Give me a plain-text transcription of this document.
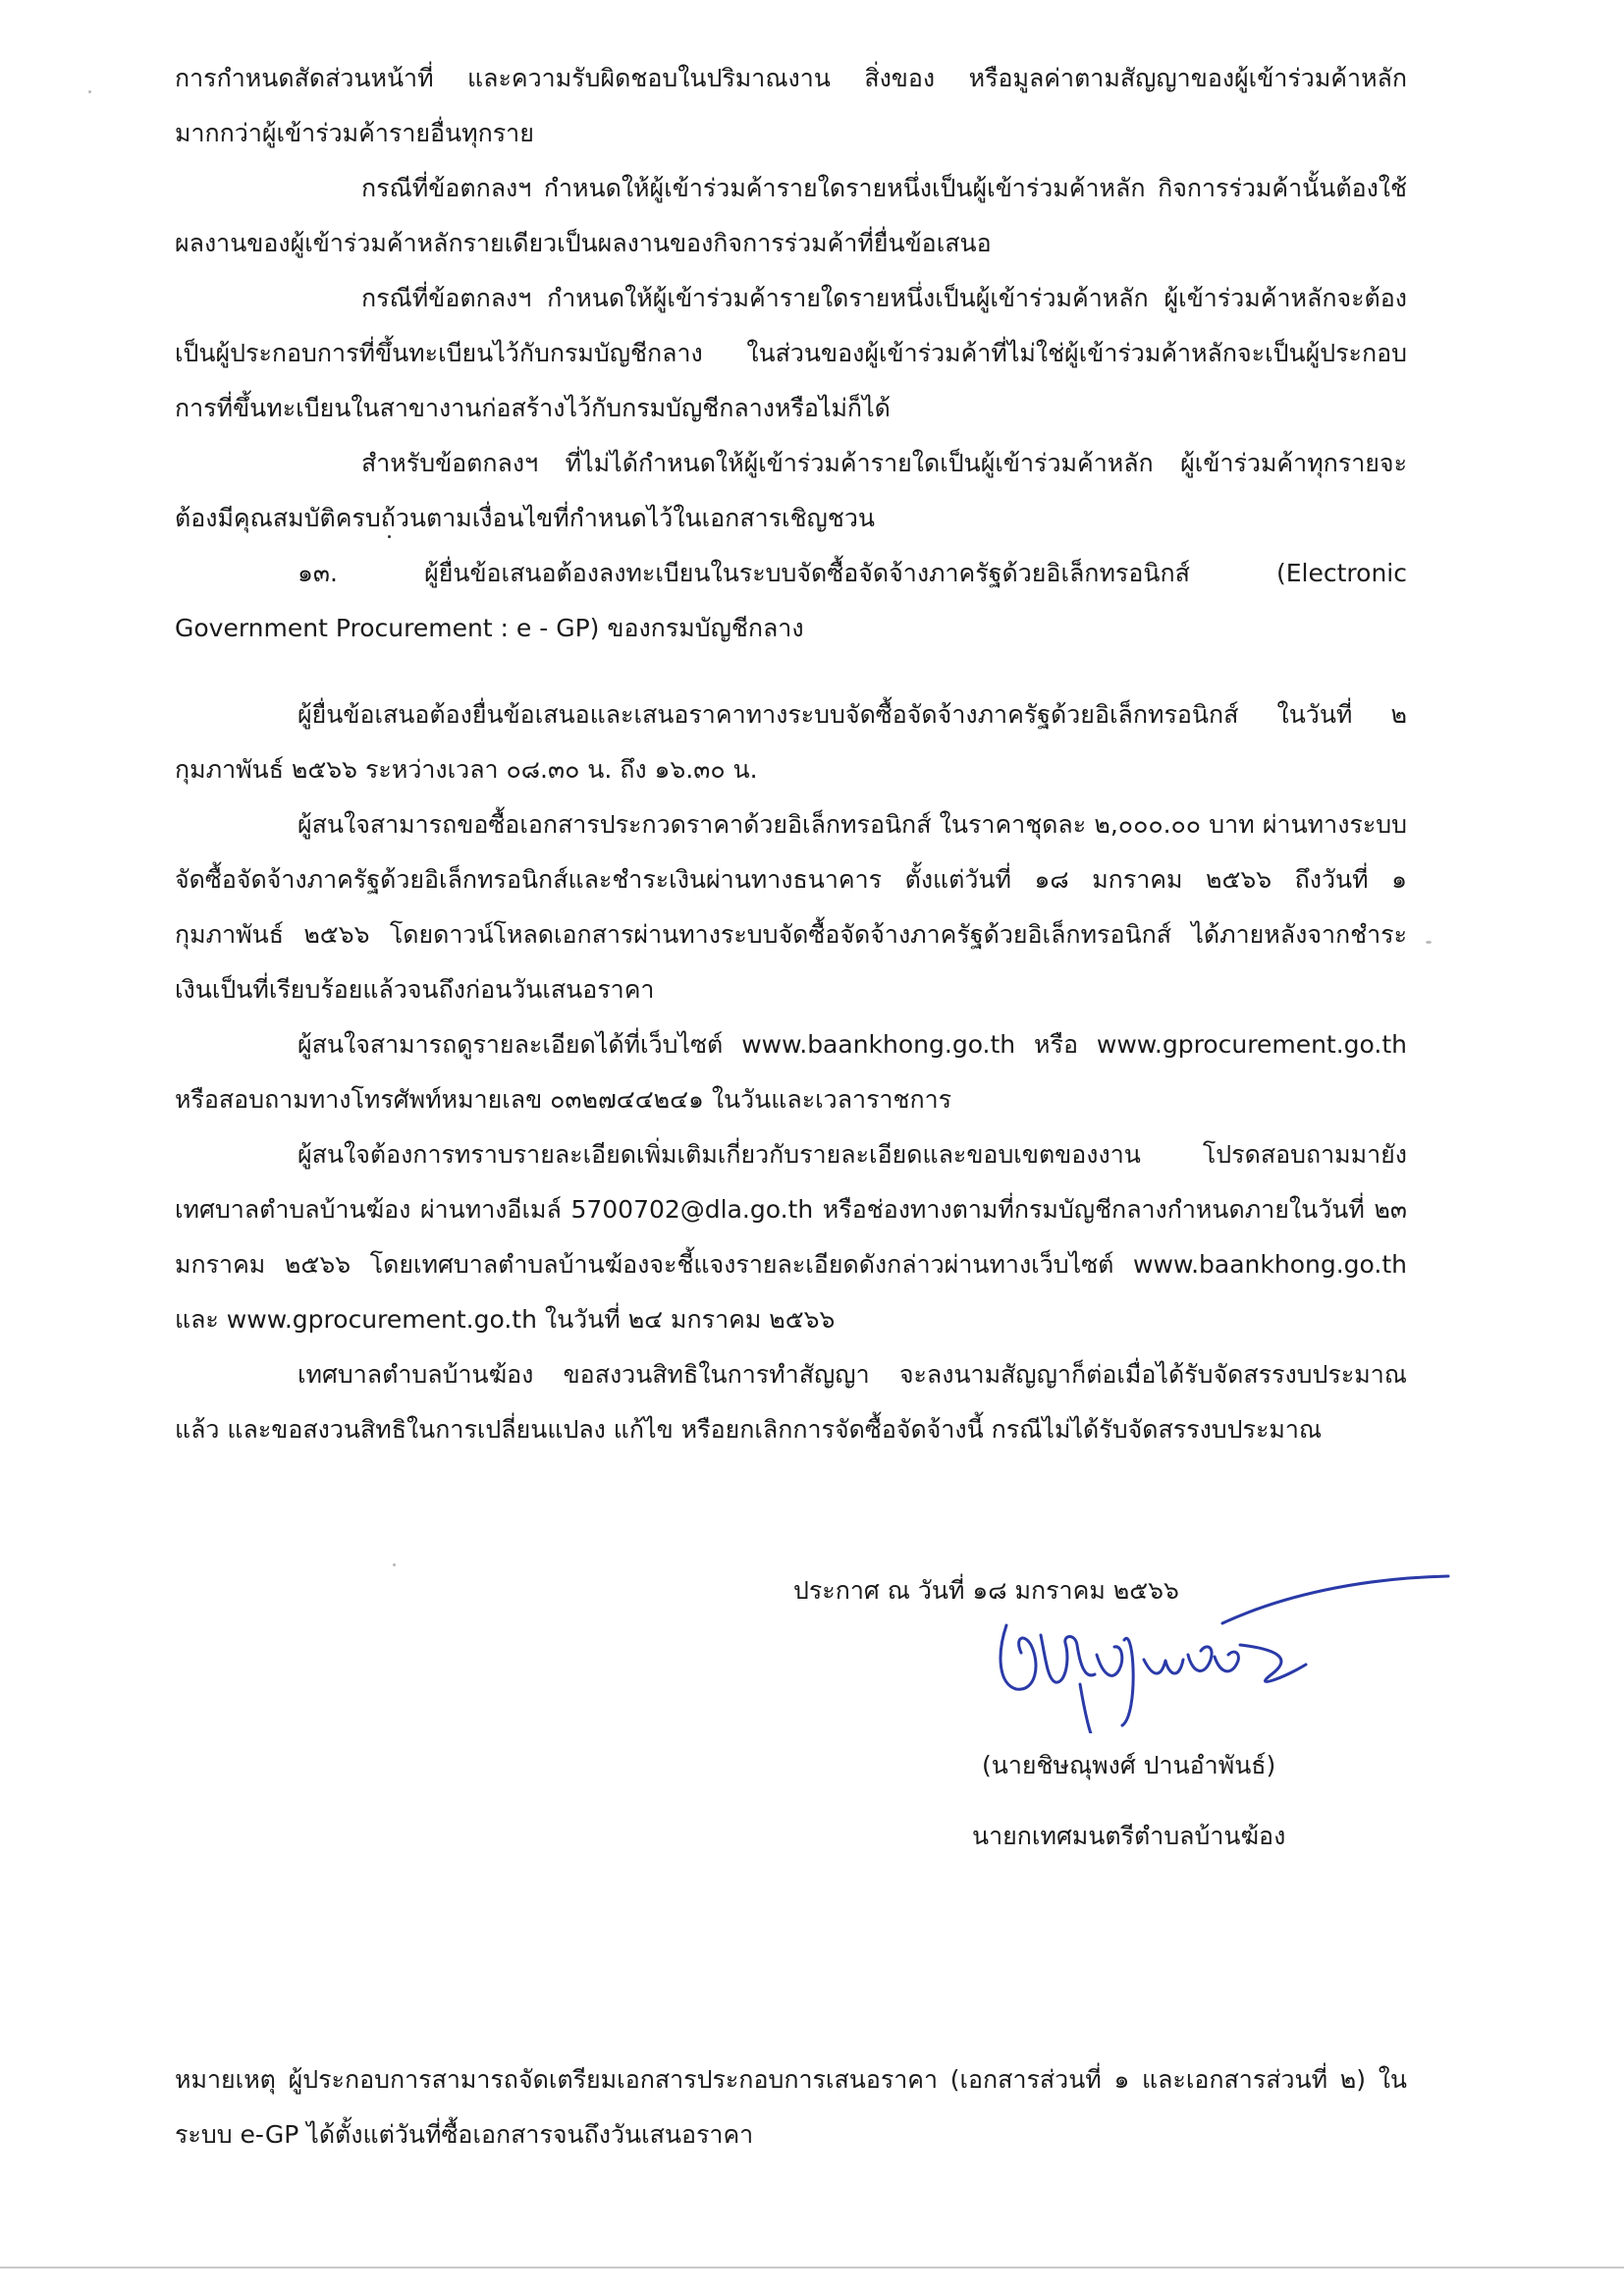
การกำหนดสัดส่วนหน้าที่ และความรับผิดชอบในปริมาณงาน สิ่งของ หรือมูลค่าตามสัญญาของผู้เข้าร่วมค้าหลัก มากกว่าผู้เข้าร่วมค้ารายอื่นทุกราย
กรณีที่ข้อตกลงฯ กำหนดให้ผู้เข้าร่วมค้ารายใดรายหนึ่งเป็นผู้เข้าร่วมค้าหลัก กิจการร่วมค้านั้นต้องใช้ผลงานของผู้เข้าร่วมค้าหลักรายเดียวเป็นผลงานของกิจการร่วมค้าที่ยื่นข้อเสนอ
กรณีที่ข้อตกลงฯ กำหนดให้ผู้เข้าร่วมค้ารายใดรายหนึ่งเป็นผู้เข้าร่วมค้าหลัก ผู้เข้าร่วมค้าหลักจะต้องเป็นผู้ประกอบการที่ขึ้นทะเบียนไว้กับกรมบัญชีกลาง ในส่วนของผู้เข้าร่วมค้าที่ไม่ใช่ผู้เข้าร่วมค้าหลักจะเป็นผู้ประกอบการที่ขึ้นทะเบียนในสาขางานก่อสร้างไว้กับกรมบัญชีกลางหรือไม่ก็ได้
สำหรับข้อตกลงฯ ที่ไม่ได้กำหนดให้ผู้เข้าร่วมค้ารายใดเป็นผู้เข้าร่วมค้าหลัก ผู้เข้าร่วมค้าทุกรายจะต้องมีคุณสมบัติครบถ้วนตามเงื่อนไขที่กำหนดไว้ในเอกสารเชิญชวน
๑๓. ผู้ยื่นข้อเสนอต้องลงทะเบียนในระบบจัดซื้อจัดจ้างภาครัฐด้วยอิเล็กทรอนิกส์ (Electronic Government Procurement : e - GP) ของกรมบัญชีกลาง
ผู้ยื่นข้อเสนอต้องยื่นข้อเสนอและเสนอราคาทางระบบจัดซื้อจัดจ้างภาครัฐด้วยอิเล็กทรอนิกส์ ในวันที่ ๒ กุมภาพันธ์ ๒๕๖๖ ระหว่างเวลา ๐๘.๓๐ น. ถึง ๑๖.๓๐ น.
ผู้สนใจสามารถขอซื้อเอกสารประกวดราคาด้วยอิเล็กทรอนิกส์ ในราคาชุดละ ๒,๐๐๐.๐๐ บาท ผ่านทางระบบจัดซื้อจัดจ้างภาครัฐด้วยอิเล็กทรอนิกส์และชำระเงินผ่านทางธนาคาร ตั้งแต่วันที่ ๑๘ มกราคม ๒๕๖๖ ถึงวันที่ ๑ กุมภาพันธ์ ๒๕๖๖ โดยดาวน์โหลดเอกสารผ่านทางระบบจัดซื้อจัดจ้างภาครัฐด้วยอิเล็กทรอนิกส์ ได้ภายหลังจากชำระเงินเป็นที่เรียบร้อยแล้วจนถึงก่อนวันเสนอราคา
ผู้สนใจสามารถดูรายละเอียดได้ที่เว็บไซต์ www.baankhong.go.th หรือ www.gprocurement.go.th หรือสอบถามทางโทรศัพท์หมายเลข ๐๓๒๗๔๔๒๔๑ ในวันและเวลาราชการ
ผู้สนใจต้องการทราบรายละเอียดเพิ่มเติมเกี่ยวกับรายละเอียดและขอบเขตของงาน โปรดสอบถามมายังเทศบาลตำบลบ้านฆ้อง ผ่านทางอีเมล์ 5700702@dla.go.th หรือช่องทางตามที่กรมบัญชีกลางกำหนดภายในวันที่ ๒๓ มกราคม ๒๕๖๖ โดยเทศบาลตำบลบ้านฆ้องจะชี้แจงรายละเอียดดังกล่าวผ่านทางเว็บไซต์ www.baankhong.go.th และ www.gprocurement.go.th ในวันที่ ๒๔ มกราคม ๒๕๖๖
เทศบาลตำบลบ้านฆ้อง ขอสงวนสิทธิในการทำสัญญา จะลงนามสัญญาก็ต่อเมื่อได้รับจัดสรรงบประมาณแล้ว และขอสงวนสิทธิในการเปลี่ยนแปลง แก้ไข หรือยกเลิกการจัดซื้อจัดจ้างนี้ กรณีไม่ได้รับจัดสรรงบประมาณ
ประกาศ ณ วันที่ ๑๘ มกราคม ๒๕๖๖
(นายชิษณุพงศ์ ปานอำพันธ์)
นายกเทศมนตรีตำบลบ้านฆ้อง
หมายเหตุ ผู้ประกอบการสามารถจัดเตรียมเอกสารประกอบการเสนอราคา (เอกสารส่วนที่ ๑ และเอกสารส่วนที่ ๒) ในระบบ e-GP ได้ตั้งแต่วันที่ซื้อเอกสารจนถึงวันเสนอราคา
